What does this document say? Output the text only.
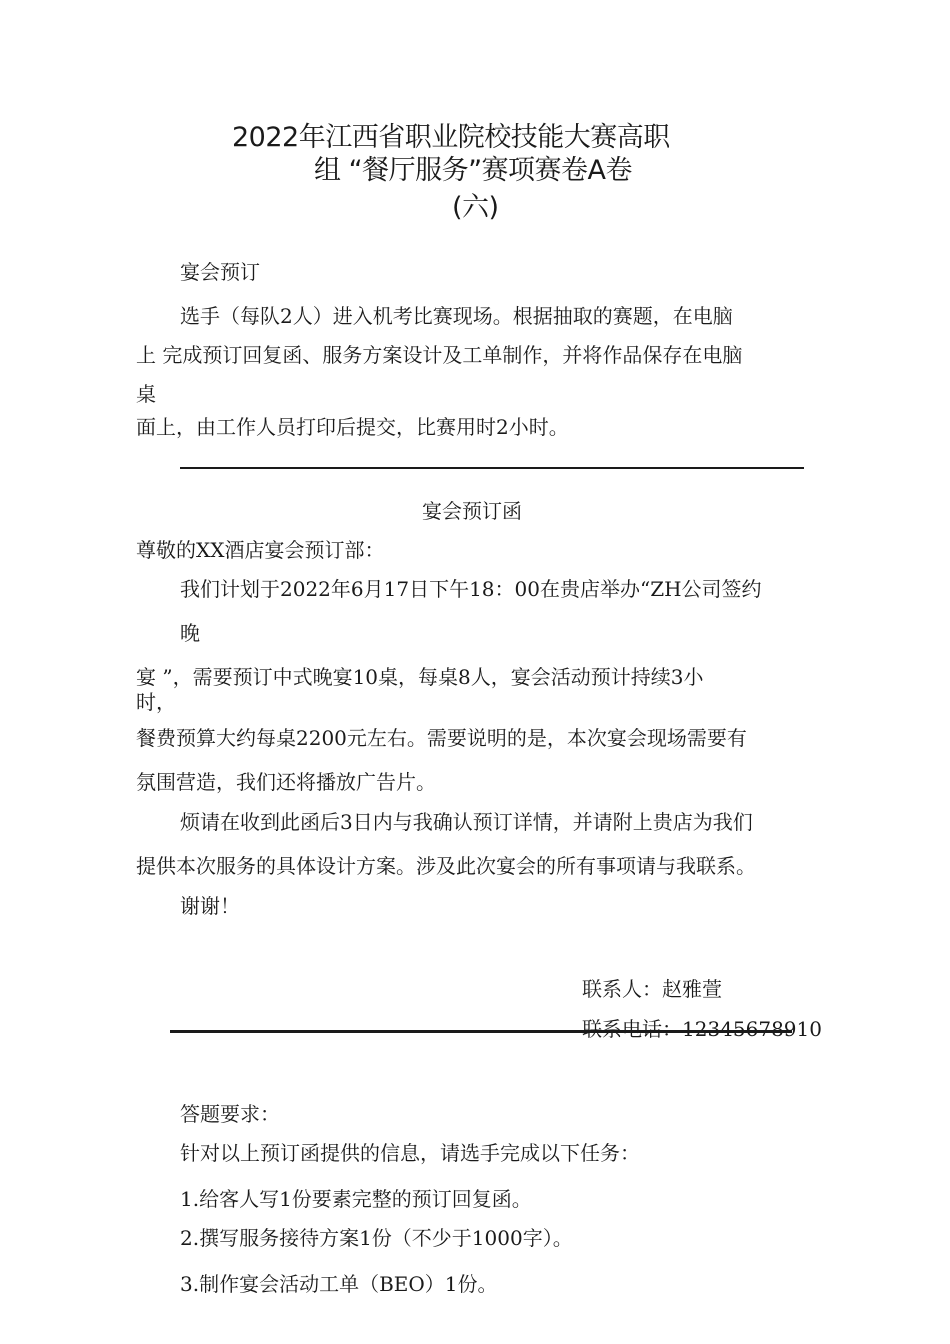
2022年江西省职业院校技能大赛高职
组 “餐厅服务”赛项赛卷A卷
(六)
宴会预订
选手（每队2人）进入机考比赛现场。根据抽取的赛题，在电脑
上 完成预订回复函、服务方案设计及工单制作，并将作品保存在电脑
桌
面上，由工作人员打印后提交，比赛用时2小时。
宴会预订函
尊敬的XX酒店宴会预订部：
我们计划于2022年6月17日下午18：00在贵店举办“ZH公司签约
晚
宴 ”，需要预订中式晚宴10桌，每桌8人，宴会活动预计持续3小
时，
餐费预算大约每桌2200元左右。需要说明的是，本次宴会现场需要有
氛围营造，我们还将播放广告片。
烦请在收到此函后3日内与我确认预订详情，并请附上贵店为我们
提供本次服务的具体设计方案。涉及此次宴会的所有事项请与我联系。
谢谢！
联系人：赵雅萱
联系电话：12345678910
答题要求：
针对以上预订函提供的信息，请选手完成以下任务：
1.给客人写1份要素完整的预订回复函。
2.撰写服务接待方案1份（不少于1000字）。
3.制作宴会活动工单（BEO）1份。
